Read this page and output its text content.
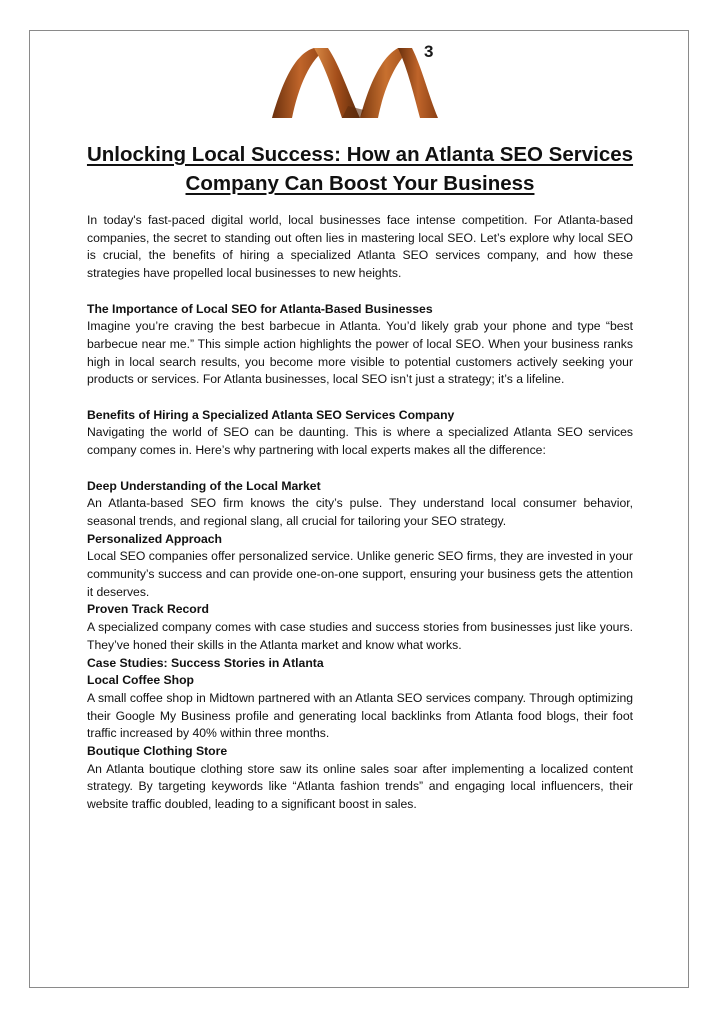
3
Unlocking Local Success: How an Atlanta SEO Services Company Can Boost Your Business

In today's fast-paced digital world, local businesses face intense competition. For Atlanta-based companies, the secret to standing out often lies in mastering local SEO. Let’s explore why local SEO is crucial, the benefits of hiring a specialized Atlanta SEO services company, and how these strategies have propelled local businesses to new heights.

The Importance of Local SEO for Atlanta-Based Businesses

Imagine you’re craving the best barbecue in Atlanta. You’d likely grab your phone and type “best barbecue near me.” This simple action highlights the power of local SEO. When your business ranks high in local search results, you become more visible to potential customers actively seeking your products or services. For Atlanta businesses, local SEO isn’t just a strategy; it’s a lifeline.

Benefits of Hiring a Specialized Atlanta SEO Services Company

Navigating the world of SEO can be daunting. This is where a specialized Atlanta SEO services company comes in. Here’s why partnering with local experts makes all the difference:

Deep Understanding of the Local Market

An Atlanta-based SEO firm knows the city’s pulse. They understand local consumer behavior, seasonal trends, and regional slang, all crucial for tailoring your SEO strategy.

Personalized Approach

Local SEO companies offer personalized service. Unlike generic SEO firms, they are invested in your community’s success and can provide one-on-one support, ensuring your business gets the attention it deserves.

Proven Track Record

A specialized company comes with case studies and success stories from businesses just like yours. They’ve honed their skills in the Atlanta market and know what works.

Case Studies: Success Stories in Atlanta
Local Coffee Shop

A small coffee shop in Midtown partnered with an Atlanta SEO services company. Through optimizing their Google My Business profile and generating local backlinks from Atlanta food blogs, their foot traffic increased by 40% within three months.

Boutique Clothing Store

An Atlanta boutique clothing store saw its online sales soar after implementing a localized content strategy. By targeting keywords like “Atlanta fashion trends” and engaging local influencers, their website traffic doubled, leading to a significant boost in sales.
